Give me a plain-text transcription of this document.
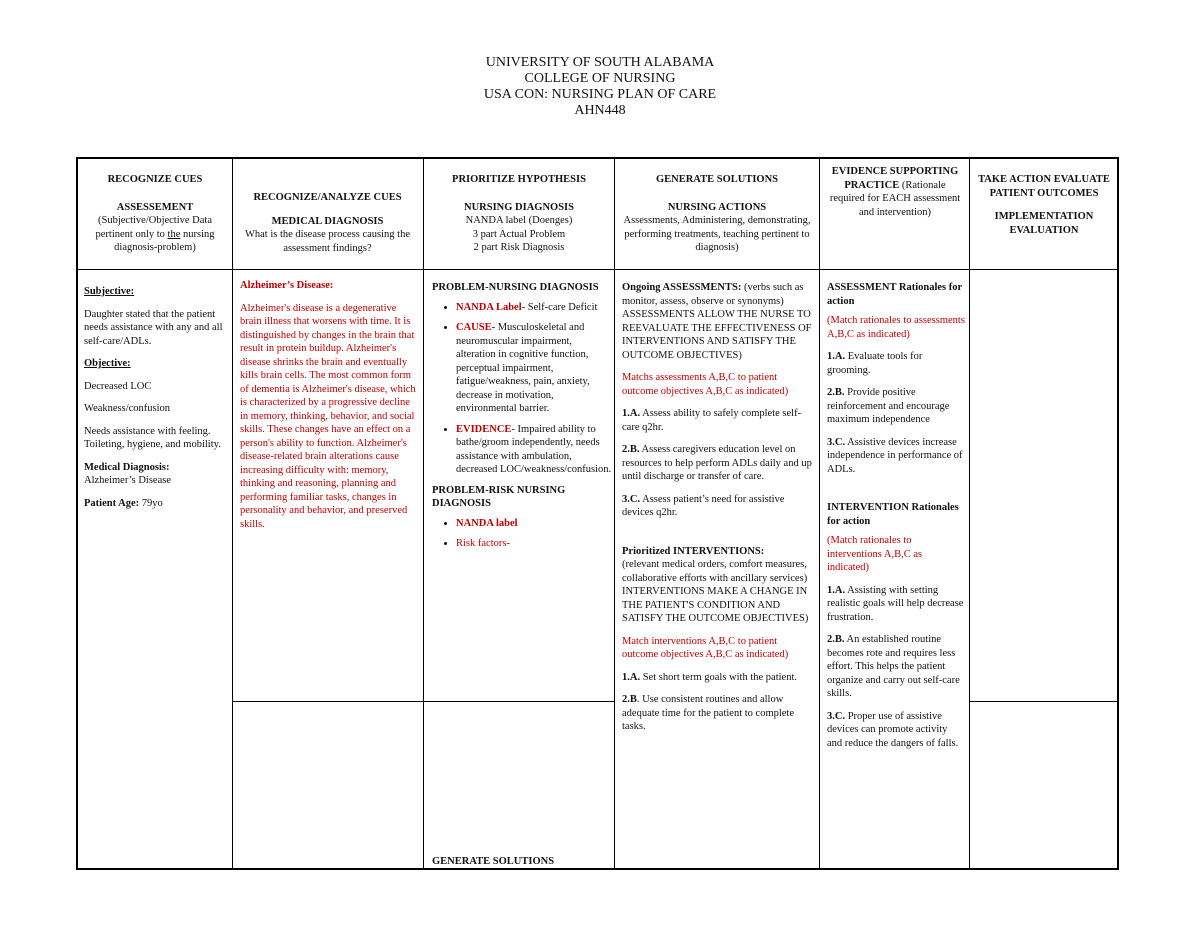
UNIVERSITY OF SOUTH ALABAMA
COLLEGE OF NURSING
USA CON: NURSING PLAN OF CARE
AHN448
RECOGNIZE CUES
ASSESSEMENT
(Subjective/Objective Data pertinent only to the nursing diagnosis-problem)
RECOGNIZE/ANALYZE CUES
MEDICAL DIAGNOSIS
What is the disease process causing the assessment findings?
PRIORITIZE HYPOTHESIS
NURSING DIAGNOSIS
NANDA label (Doenges)
3 part Actual Problem
2 part Risk Diagnosis
GENERATE SOLUTIONS
NURSING ACTIONS
Assessments, Administering, demonstrating, performing treatments, teaching pertinent to diagnosis)
EVIDENCE SUPPORTING PRACTICE (Rationale required for EACH assessment and intervention)
TAKE ACTION EVALUATE PATIENT OUTCOMES
IMPLEMENTATION EVALUATION

Subjective:

Daughter stated that the patient needs assistance with any and all self-care/ADLs.

Objective:

Decreased LOC

Weakness/confusion

Needs assistance with feeling. Toileting, hygiene, and mobility.

Medical Diagnosis:

Alzheimer’s Disease

Patient Age: 79yo

Alzheimer’s Disease:

Alzheimer's disease is a degenerative brain illness that worsens with time. It is distinguished by changes in the brain that result in protein buildup. Alzheimer's disease shrinks the brain and eventually kills brain cells. The most common form of dementia is Alzheimer's disease, which is characterized by a progressive decline in memory, thinking, behavior, and social skills. These changes have an effect on a person's ability to function. Alzheimer's disease-related brain alterations cause increasing difficulty with: memory, thinking and reasoning, planning and performing familiar tasks, changes in personality and behavior, and preserved skills.
PROBLEM-NURSING DIAGNOSIS
• NANDA Label- Self-care Deficit
• CAUSE- Musculoskeletal and neuromuscular impairment, alteration in cognitive function, perceptual impairment, fatigue/weakness, pain, anxiety, decrease in motivation, environmental barrier.
• EVIDENCE- Impaired ability to bathe/groom independently, needs assistance with ambulation, decreased LOC/weakness/confusion.
PROBLEM-RISK NURSING DIAGNOSIS
• NANDA label
• Risk factors-
GENERATE SOLUTIONS

Ongoing ASSESSMENTS: (verbs such as monitor, assess, observe or synonyms) ASSESSMENTS ALLOW THE NURSE TO REEVALUATE THE EFFECTIVENESS OF INTERVENTIONS AND SATISFY THE OUTCOME OBJECTIVES)

Matchs assessments A,B,C to patient outcome objectives A,B,C as indicated)

1.A. Assess ability to safely complete self-care q2hr.

2.B. Assess caregivers education level on resources to help perform ADLs daily and up until discharge or transfer of care.

3.C. Assess patient’s need for assistive devices q2hr.

Prioritized INTERVENTIONS:

(relevant medical orders, comfort measures, collaborative efforts with ancillary services) INTERVENTIONS MAKE A CHANGE IN THE PATIENT'S CONDITION AND SATISFY THE OUTCOME OBJECTIVES)

Match interventions A,B,C to patient outcome objectives A,B,C as indicated)

1.A. Set short term goals with the patient.

2.B. Use consistent routines and allow adequate time for the patient to complete tasks.

ASSESSMENT Rationales for action

(Match rationales to assessments A,B,C as indicated)

1.A. Evaluate tools for grooming.

2.B. Provide positive reinforcement and encourage maximum independence

3.C. Assistive devices increase independence in performance of ADLs.

INTERVENTION Rationales for action

(Match rationales to interventions A,B,C as indicated)

1.A. Assisting with setting realistic goals will help decrease frustration.

2.B. An established routine becomes rote and requires less effort. This helps the patient organize and carry out self-care skills.

3.C. Proper use of assistive devices can promote activity and reduce the dangers of falls.
